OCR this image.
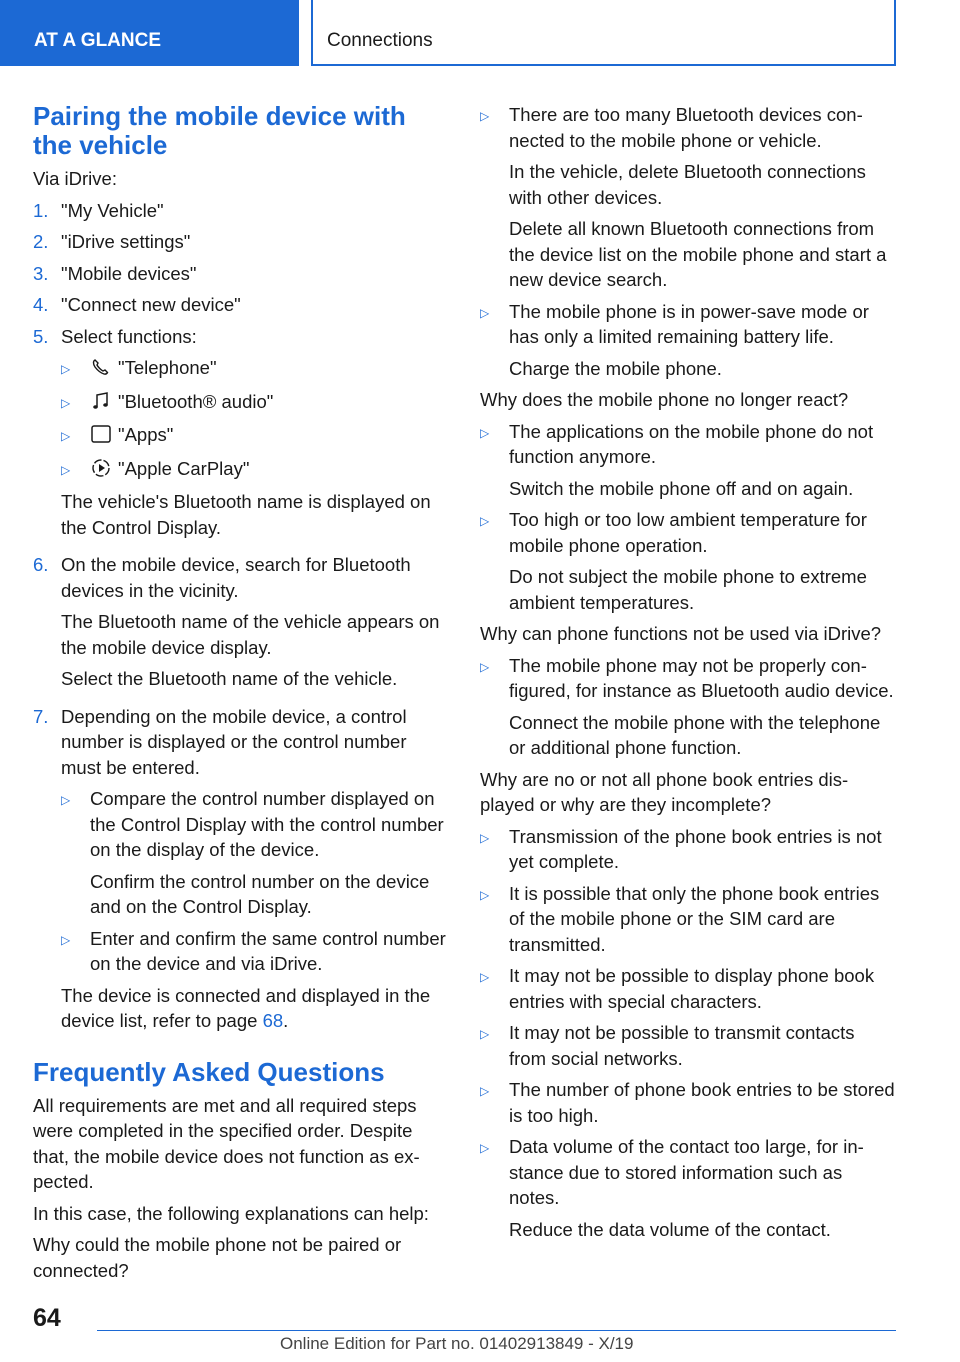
AT A GLANCE	Connections
Pairing the mobile device with the vehicle

Via iDrive:

1. "My Vehicle"
2. "iDrive settings"
3. "Mobile devices"
4. "Connect new device"
5. Select functions:

▷	"Telephone"
▷	"Bluetooth® audio"
▷	"Apps"
▷	"Apple CarPlay"

The vehicle's Bluetooth name is displayed on the Control Display.

6. On the mobile device, search for Bluetooth devices in the vicinity.

The Bluetooth name of the vehicle appears on the mobile device display.

Select the Bluetooth name of the vehicle.

7. Depending on the mobile device, a control number is displayed or the control number must be entered.

▷	Compare the control number displayed on the Control Display with the control number on the display of the device.

Confirm the control number on the device and on the Control Display.

▷	Enter and confirm the same control number on the device and via iDrive.

The device is connected and displayed in the device list, refer to page 68.

Frequently Asked Questions

All requirements are met and all required steps were completed in the specified order. Despite that, the mobile device does not function as expected.

In this case, the following explanations can help:

Why could the mobile phone not be paired or connected?

▷	There are too many Bluetooth devices connected to the mobile phone or vehicle.

In the vehicle, delete Bluetooth connections with other devices.

Delete all known Bluetooth connections from the device list on the mobile phone and start a new device search.

▷	The mobile phone is in power-save mode or has only a limited remaining battery life.

Charge the mobile phone.

Why does the mobile phone no longer react?

▷	The applications on the mobile phone do not function anymore.

Switch the mobile phone off and on again.

▷	Too high or too low ambient temperature for mobile phone operation.

Do not subject the mobile phone to extreme ambient temperatures.

Why can phone functions not be used via iDrive?

▷	The mobile phone may not be properly configured, for instance as Bluetooth audio device.

Connect the mobile phone with the telephone or additional phone function.

Why are no or not all phone book entries displayed or why are they incomplete?

▷	Transmission of the phone book entries is not yet complete.

▷	It is possible that only the phone book entries of the mobile phone or the SIM card are transmitted.

▷	It may not be possible to display phone book entries with special characters.

▷	It may not be possible to transmit contacts from social networks.

▷	The number of phone book entries to be stored is too high.

▷	Data volume of the contact too large, for instance due to stored information such as notes.

Reduce the data volume of the contact.

64
Online Edition for Part no. 01402913849 - X/19
